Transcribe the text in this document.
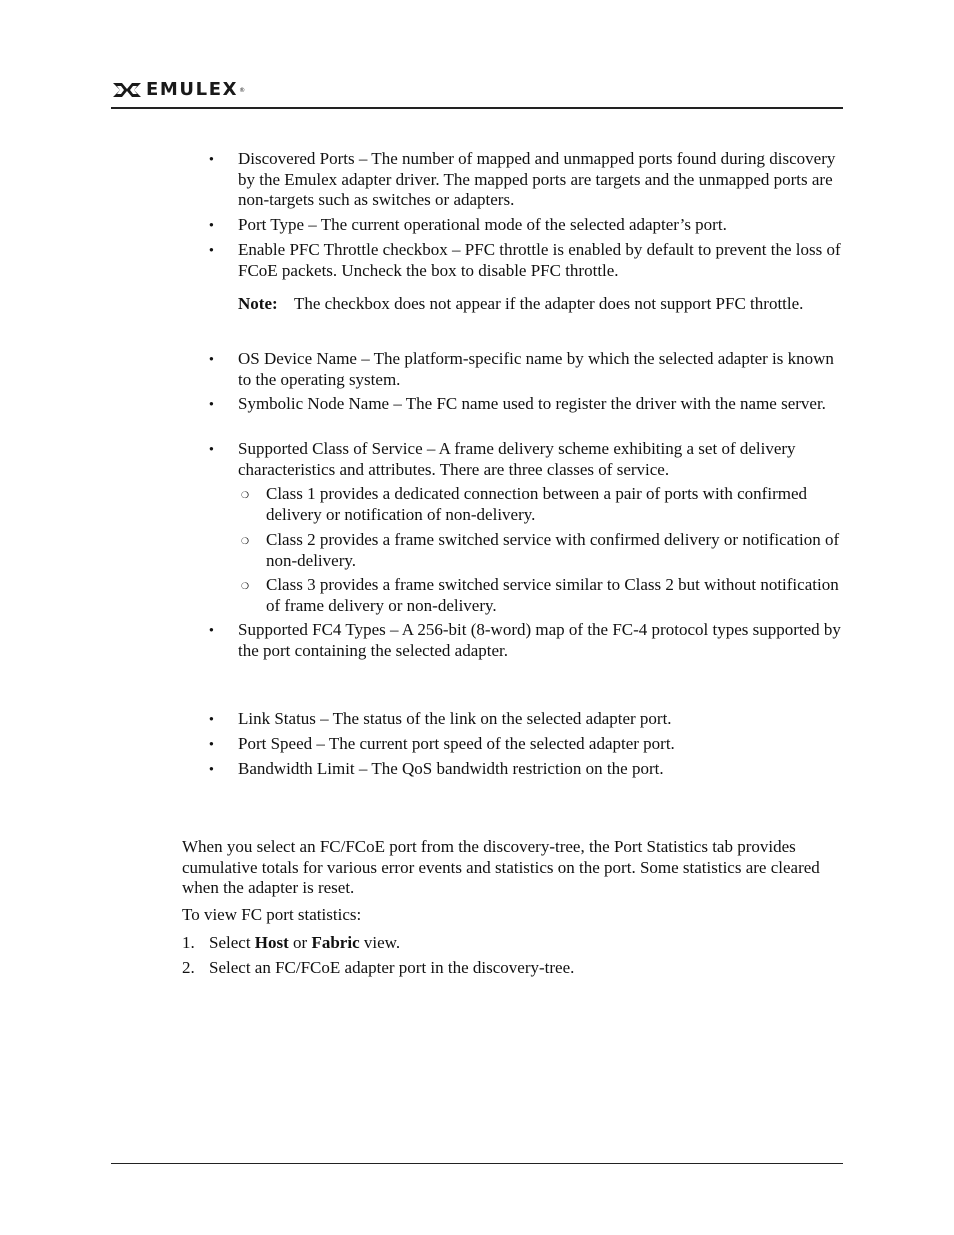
EMULEX ®
● Discovered Ports – The number of mapped and unmapped ports found during discovery by the Emulex adapter driver. The mapped ports are targets and the unmapped ports are non-targets such as switches or adapters.
● Port Type – The current operational mode of the selected adapter’s port.
● Enable PFC Throttle checkbox – PFC throttle is enabled by default to prevent the loss of FCoE packets. Uncheck the box to disable PFC throttle.
Note: The checkbox does not appear if the adapter does not support PFC throttle.
● OS Device Name – The platform-specific name by which the selected adapter is known to the operating system.
● Symbolic Node Name – The FC name used to register the driver with the name server.
● Supported Class of Service – A frame delivery scheme exhibiting a set of delivery characteristics and attributes. There are three classes of service.
❍ Class 1 provides a dedicated connection between a pair of ports with confirmed delivery or notification of non-delivery.
❍ Class 2 provides a frame switched service with confirmed delivery or notification of non-delivery.
❍ Class 3 provides a frame switched service similar to Class 2 but without notification of frame delivery or non-delivery.
● Supported FC4 Types – A 256-bit (8-word) map of the FC-4 protocol types supported by the port containing the selected adapter.
● Link Status – The status of the link on the selected adapter port.
● Port Speed – The current port speed of the selected adapter port.
● Bandwidth Limit – The QoS bandwidth restriction on the port.
When you select an FC/FCoE port from the discovery-tree, the Port Statistics tab provides cumulative totals for various error events and statistics on the port. Some statistics are cleared when the adapter is reset.
To view FC port statistics:
1. Select Host or Fabric view.
2. Select an FC/FCoE adapter port in the discovery-tree.
